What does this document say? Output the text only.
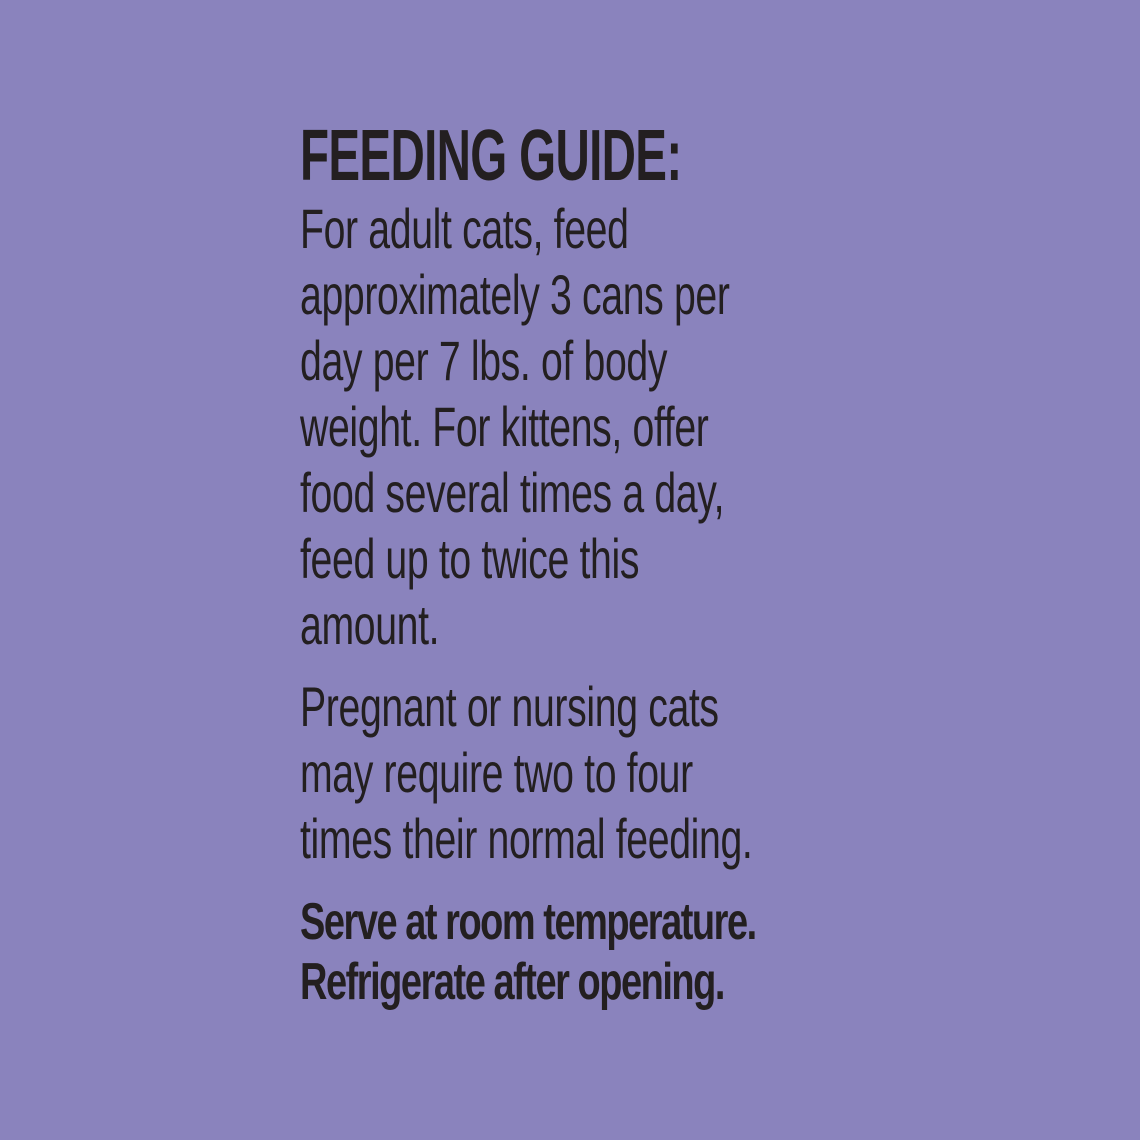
FEEDING GUIDE:

For adult cats, feed
approximately 3 cans per
day per 7 lbs. of body
weight. For kittens, offer
food several times a day,
feed up to twice this
amount.

Pregnant or nursing cats
may require two to four
times their normal feeding.

Serve at room temperature.
Refrigerate after opening.
